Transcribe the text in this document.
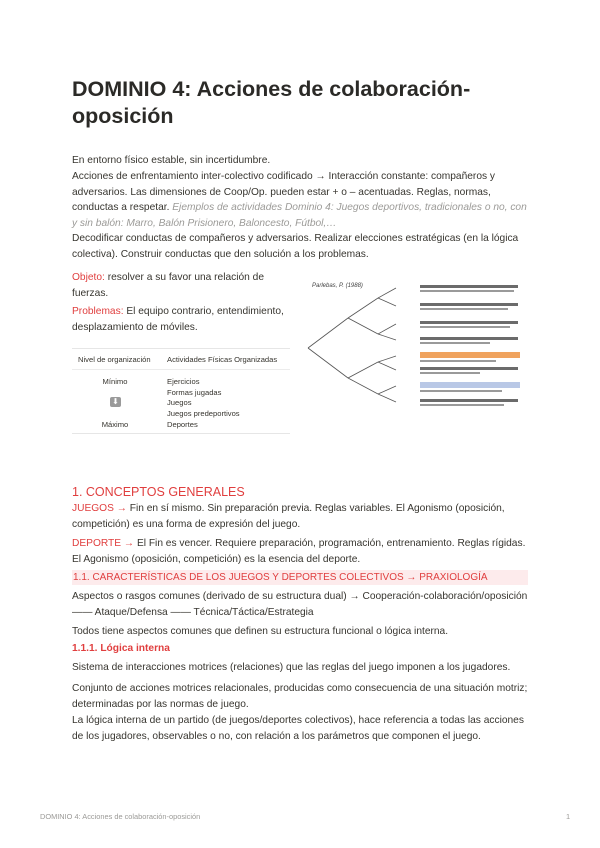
DOMINIO 4: Acciones de colaboración-oposición
En entorno físico estable, sin incertidumbre.
Acciones de enfrentamiento inter-colectivo codificado → Interacción constante: compañeros y adversarios. Las dimensiones de Coop/Op. pueden estar + o – acentuadas. Reglas, normas, conductas a respetar. Ejemplos de actividades Dominio 4: Juegos deportivos, tradicionales o no, con y sin balón: Marro, Balón Prisionero, Baloncesto, Fútbol,…
Decodificar conductas de compañeros y adversarios. Realizar elecciones estratégicas (en la lógica colectiva). Construir conductas que den solución a los problemas.
Objeto: resolver a su favor una relación de fuerzas.
Problemas: El equipo contrario, entendimiento, desplazamiento de móviles.
Nivel de organización Actividades Físicas Organizadas
Mínimo
⬇
Máximo
Ejercicios
Formas jugadas
Juegos
Juegos predeportivos
Deportes
Parlebas, P. (1988)
1. CONCEPTOS GENERALES
JUEGOS → Fin en sí mismo. Sin preparación previa. Reglas variables. El Agonismo (oposición, competición) es una forma de expresión del juego.
DEPORTE → El Fin es vencer. Requiere preparación, programación, entrenamiento. Reglas rígidas. El Agonismo (oposición, competición) es la esencia del deporte.
1.1. CARACTERÍSTICAS DE LOS JUEGOS Y DEPORTES COLECTIVOS → PRAXIOLOGÍA
Aspectos o rasgos comunes (derivado de su estructura dual) → Cooperación-colaboración/oposición —— Ataque/Defensa —— Técnica/Táctica/Estrategia
Todos tiene aspectos comunes que definen su estructura funcional o lógica interna.
1.1.1. Lógica interna
Sistema de interacciones motrices (relaciones) que las reglas del juego imponen a los jugadores.
Conjunto de acciones motrices relacionales, producidas como consecuencia de una situación motriz; determinadas por las normas de juego.
La lógica interna de un partido (de juegos/deportes colectivos), hace referencia a todas las acciones de los jugadores, observables o no, con relación a los parámetros que componen el juego.
DOMINIO 4: Acciones de colaboración-oposición	1
